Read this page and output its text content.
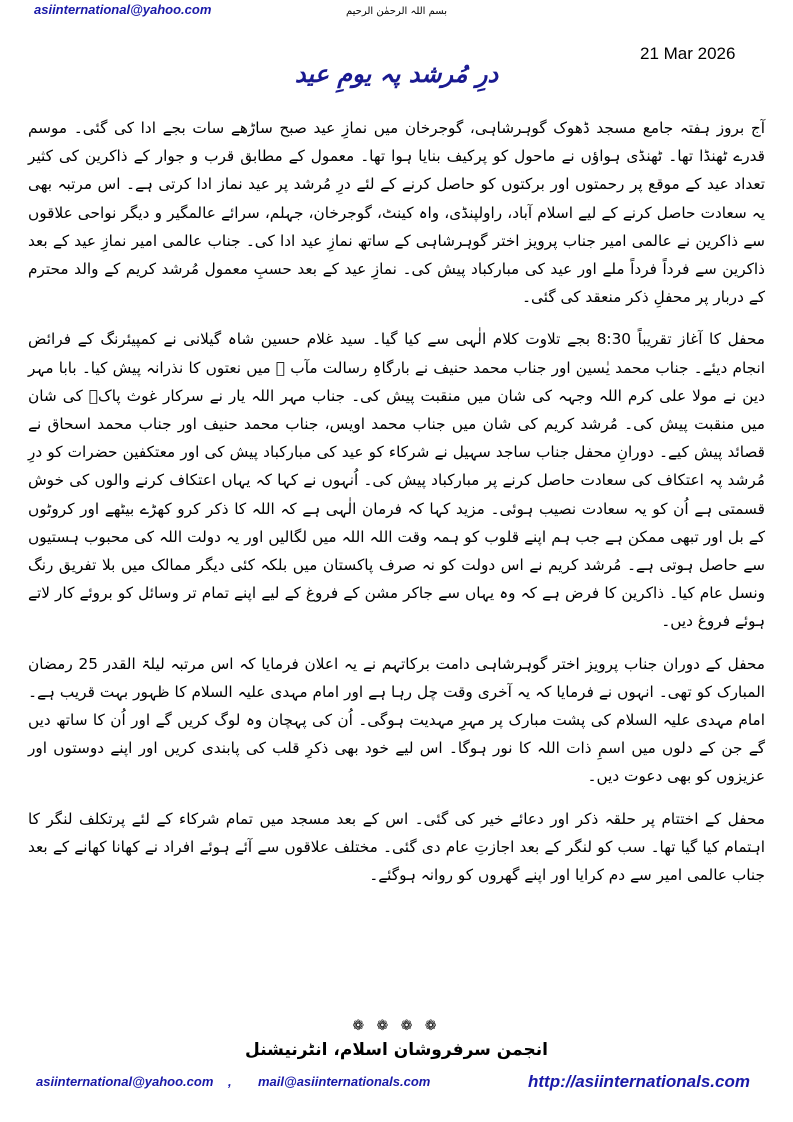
asiinternational@yahoo.com	بسم اللہ الرحمٰن الرحیم
21 Mar 2026
درِ مُرشد پہ یومِ عید

آج بروز ہفتہ جامع مسجد ڈھوک گوہرشاہی، گوجرخان میں نمازِ عید صبح ساڑھے سات بجے ادا کی گئی۔ موسم قدرے ٹھنڈا تھا۔ ٹھنڈی ہواؤں نے ماحول کو پرکیف بنایا ہوا تھا۔ معمول کے مطابق قرب و جوار کے ذاکرین کی کثیر تعداد عید کے موقع پر رحمتوں اور برکتوں کو حاصل کرنے کے لئے درِ مُرشد پر عید نماز ادا کرتی ہے۔ اس مرتبہ بھی یہ سعادت حاصل کرنے کے لیے اسلام آباد، راولپنڈی، واہ کینٹ، گوجرخان، جہلم، سرائے عالمگیر و دیگر نواحی علاقوں سے ذاکرین نے عالمی امیر جناب پرویز اختر گوہرشاہی کے ساتھ نمازِ عید ادا کی۔ جناب عالمی امیر نمازِ عید کے بعد ذاکرین سے فرداً فرداً ملے اور عید کی مبارکباد پیش کی۔ نمازِ عید کے بعد حسبِ معمول مُرشد کریم کے والد محترم کے دربار پر محفلِ ذکر منعقد کی گئی۔

محفل کا آغاز تقریباً 8:30 بجے تلاوت کلام الٰہی سے کیا گیا۔ سید غلام حسین شاہ گیلانی نے کمپیئرنگ کے فرائض انجام دیئے۔ جناب محمد یٰسین اور جناب محمد حنیف نے بارگاہِ رسالت مآب ﷺ میں نعتوں کا نذرانہ پیش کیا۔ بابا مہر دین نے مولا علی کرم اللہ وجہہ کی شان میں منقبت پیش کی۔ جناب مہر اللہ یار نے سرکار غوث پاکؓ کی شان میں منقبت پیش کی۔ مُرشد کریم کی شان میں جناب محمد اویس، جناب محمد حنیف اور جناب محمد اسحاق نے قصائد پیش کیے۔ دورانِ محفل جناب ساجد سہیل نے شرکاء کو عید کی مبارکباد پیش کی اور معتکفین حضرات کو درِ مُرشد پہ اعتکاف کی سعادت حاصل کرنے پر مبارکباد پیش کی۔ اُنہوں نے کہا کہ یہاں اعتکاف کرنے والوں کی خوش قسمتی ہے اُن کو یہ سعادت نصیب ہوئی۔ مزید کہا کہ فرمان الٰہی ہے کہ اللہ کا ذکر کرو کھڑے بیٹھے اور کروٹوں کے بل اور تبھی ممکن ہے جب ہم اپنے قلوب کو ہمہ وقت اللہ اللہ میں لگالیں اور یہ دولت اللہ کی محبوب ہستیوں سے حاصل ہوتی ہے۔ مُرشد کریم نے اس دولت کو نہ صرف پاکستان میں بلکہ کئی دیگر ممالک میں بلا تفریق رنگ ونسل عام کیا۔ ذاکرین کا فرض ہے کہ وہ یہاں سے جاکر مشن کے فروغ کے لیے اپنے تمام تر وسائل کو بروئے کار لاتے ہوئے فروغ دیں۔

محفل کے دوران جناب پرویز اختر گوہرشاہی دامت برکاتہم نے یہ اعلان فرمایا کہ اس مرتبہ لیلۃ القدر 25 رمضان المبارک کو تھی۔ انہوں نے فرمایا کہ یہ آخری وقت چل رہا ہے اور امام مہدی علیہ السلام کا ظہور بہت قریب ہے۔ امام مہدی علیہ السلام کی پشت مبارک پر مہرِ مہدیت ہوگی۔ اُن کی پہچان وہ لوگ کریں گے اور اُن کا ساتھ دیں گے جن کے دلوں میں اسمِ ذات اللہ کا نور ہوگا۔ اس لیے خود بھی ذکرِ قلب کی پابندی کریں اور اپنے دوستوں اور عزیزوں کو بھی دعوت دیں۔

محفل کے اختتام پر حلقہ ذکر اور دعائے خیر کی گئی۔ اس کے بعد مسجد میں تمام شرکاء کے لئے پرتکلف لنگر کا اہتمام کیا گیا تھا۔ سب کو لنگر کے بعد اجازتِ عام دی گئی۔ مختلف علاقوں سے آئے ہوئے افراد نے کھانا کھانے کے بعد جناب عالمی امیر سے دم کرایا اور اپنے گھروں کو روانہ ہوگئے۔

❁ ❁ ❁ ❁
انجمن سرفروشان اسلام، انٹرنیشنل
asiinternational@yahoo.com , mail@asiinternationals.com	http://asiinternationals.com
